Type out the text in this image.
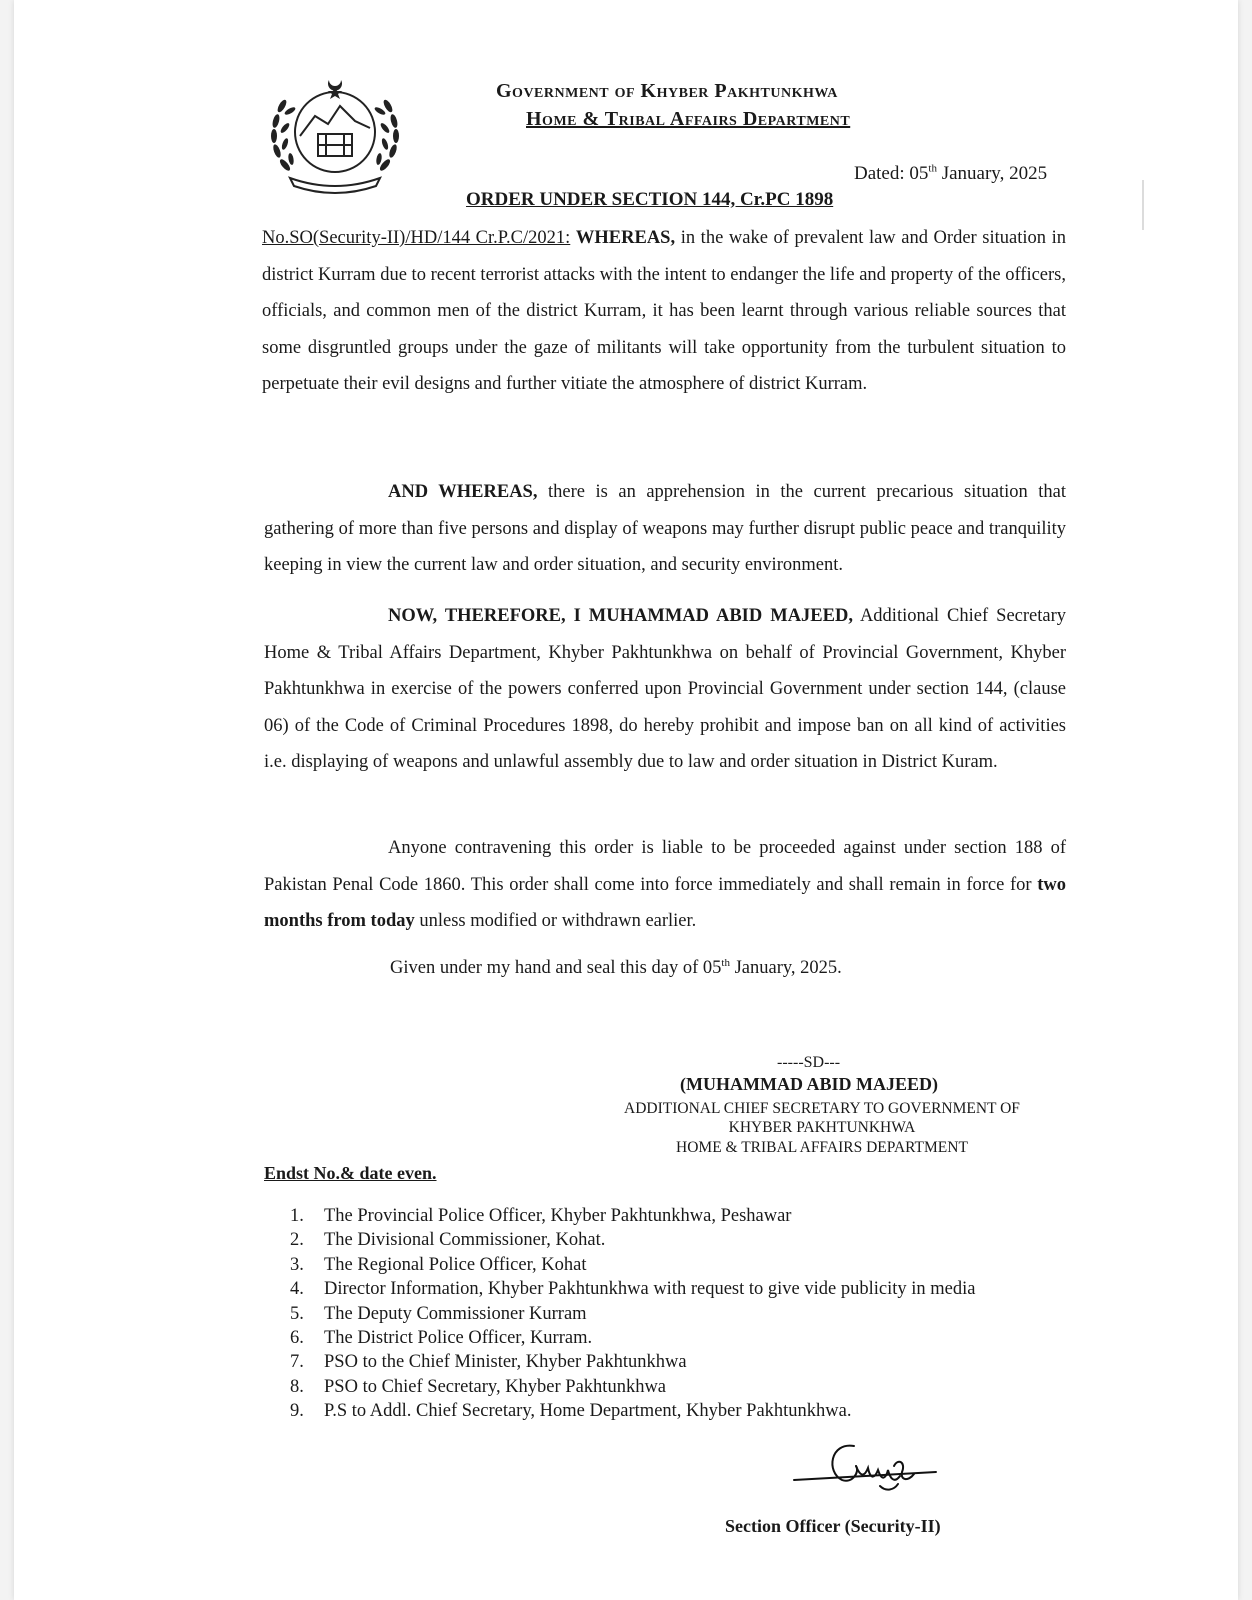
Government of Khyber Pakhtunkhwa
Home & Tribal Affairs Department
Dated: 05th January, 2025
ORDER UNDER SECTION 144, Cr.PC 1898
No.SO(Security-II)/HD/144 Cr.P.C/2021: WHEREAS, in the wake of prevalent law and Order situation in district Kurram due to recent terrorist attacks with the intent to endanger the life and property of the officers, officials, and common men of the district Kurram, it has been learnt through various reliable sources that some disgruntled groups under the gaze of militants will take opportunity from the turbulent situation to perpetuate their evil designs and further vitiate the atmosphere of district Kurram.
AND WHEREAS, there is an apprehension in the current precarious situation that gathering of more than five persons and display of weapons may further disrupt public peace and tranquility keeping in view the current law and order situation, and security environment.
NOW, THEREFORE, I MUHAMMAD ABID MAJEED, Additional Chief Secretary Home & Tribal Affairs Department, Khyber Pakhtunkhwa on behalf of Provincial Government, Khyber Pakhtunkhwa in exercise of the powers conferred upon Provincial Government under section 144, (clause 06) of the Code of Criminal Procedures 1898, do hereby prohibit and impose ban on all kind of activities i.e. displaying of weapons and unlawful assembly due to law and order situation in District Kuram.
Anyone contravening this order is liable to be proceeded against under section 188 of Pakistan Penal Code 1860. This order shall come into force immediately and shall remain in force for two months from today unless modified or withdrawn earlier.
Given under my hand and seal this day of 05th January, 2025.
-----SD---
(MUHAMMAD ABID MAJEED)
ADDITIONAL CHIEF SECRETARY TO GOVERNMENT OF
KHYBER PAKHTUNKHWA
HOME & TRIBAL AFFAIRS DEPARTMENT
Endst No.& date even.
1. The Provincial Police Officer, Khyber Pakhtunkhwa, Peshawar
2. The Divisional Commissioner, Kohat.
3. The Regional Police Officer, Kohat
4. Director Information, Khyber Pakhtunkhwa with request to give vide publicity in media
5. The Deputy Commissioner Kurram
6. The District Police Officer, Kurram.
7. PSO to the Chief Minister, Khyber Pakhtunkhwa
8. PSO to Chief Secretary, Khyber Pakhtunkhwa
9. P.S to Addl. Chief Secretary, Home Department, Khyber Pakhtunkhwa.
Section Officer (Security-II)
